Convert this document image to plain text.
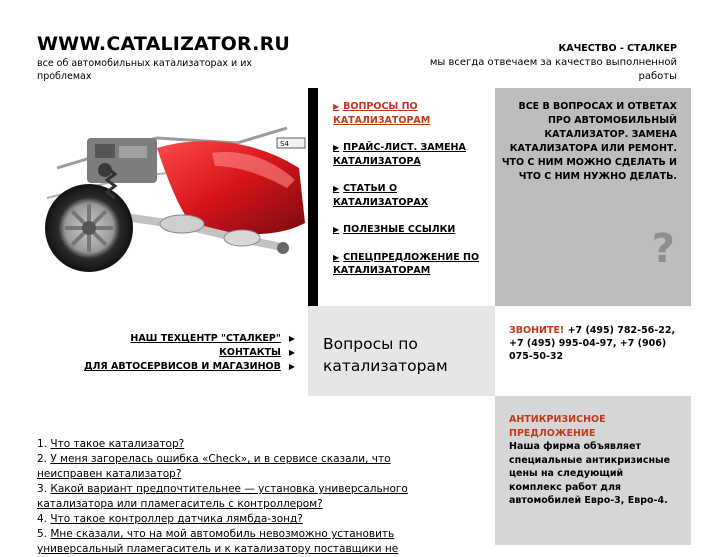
WWW.CATALIZATOR.RU
все об автомобильных катализаторах и их проблемах
КАЧЕСТВО - СТАЛКЕР
мы всегда отвечаем за качество выполненной работы
S4
▶ ВОПРОСЫ ПО КАТАЛИЗАТОРАМ
▶ ПРАЙС-ЛИСТ. ЗАМЕНА КАТАЛИЗАТОРА
▶ СТАТЬИ О КАТАЛИЗАТОРАХ
▶ ПОЛЕЗНЫЕ ССЫЛКИ
▶ СПЕЦПРЕДЛОЖЕНИЕ ПО КАТАЛИЗАТОРАМ
ВСЕ В ВОПРОСАХ И ОТВЕТАХ ПРО АВТОМОБИЛЬНЫЙ КАТАЛИЗАТОР. ЗАМЕНА КАТАЛИЗАТОРА ИЛИ РЕМОНТ. ЧТО С НИМ МОЖНО СДЕЛАТЬ И ЧТО С НИМ НУЖНО ДЕЛАТЬ.
?
Вопросы по катализаторам
НАШ ТЕХЦЕНТР "СТАЛКЕР" ▶
КОНТАКТЫ ▶
ДЛЯ АВТОСЕРВИСОВ И МАГАЗИНОВ ▶
ЗВОНИТЕ! +7 (495) 782-56-22,
+7 (495) 995-04-97, +7 (906) 075-50-32
АНТИКРИЗИСНОЕ ПРЕДЛОЖЕНИЕ
Наша фирма объявляет специальные антикризисные цены на следующий комплекс работ для автомобилей Евро-3, Евро-4.
1. Что такое катализатор?
2. У меня загорелась ошибка «Check», и в сервисе сказали, что неисправен катализатор?
3. Какой вариант предпочтительнее — установка универсального катализатора или пламегаситель с контроллером?
4. Что такое контроллер датчика лямбда-зонд?
5. Мне сказали, что на мой автомобиль невозможно установить универсальный пламегаситель и к катализатору поставщики не
